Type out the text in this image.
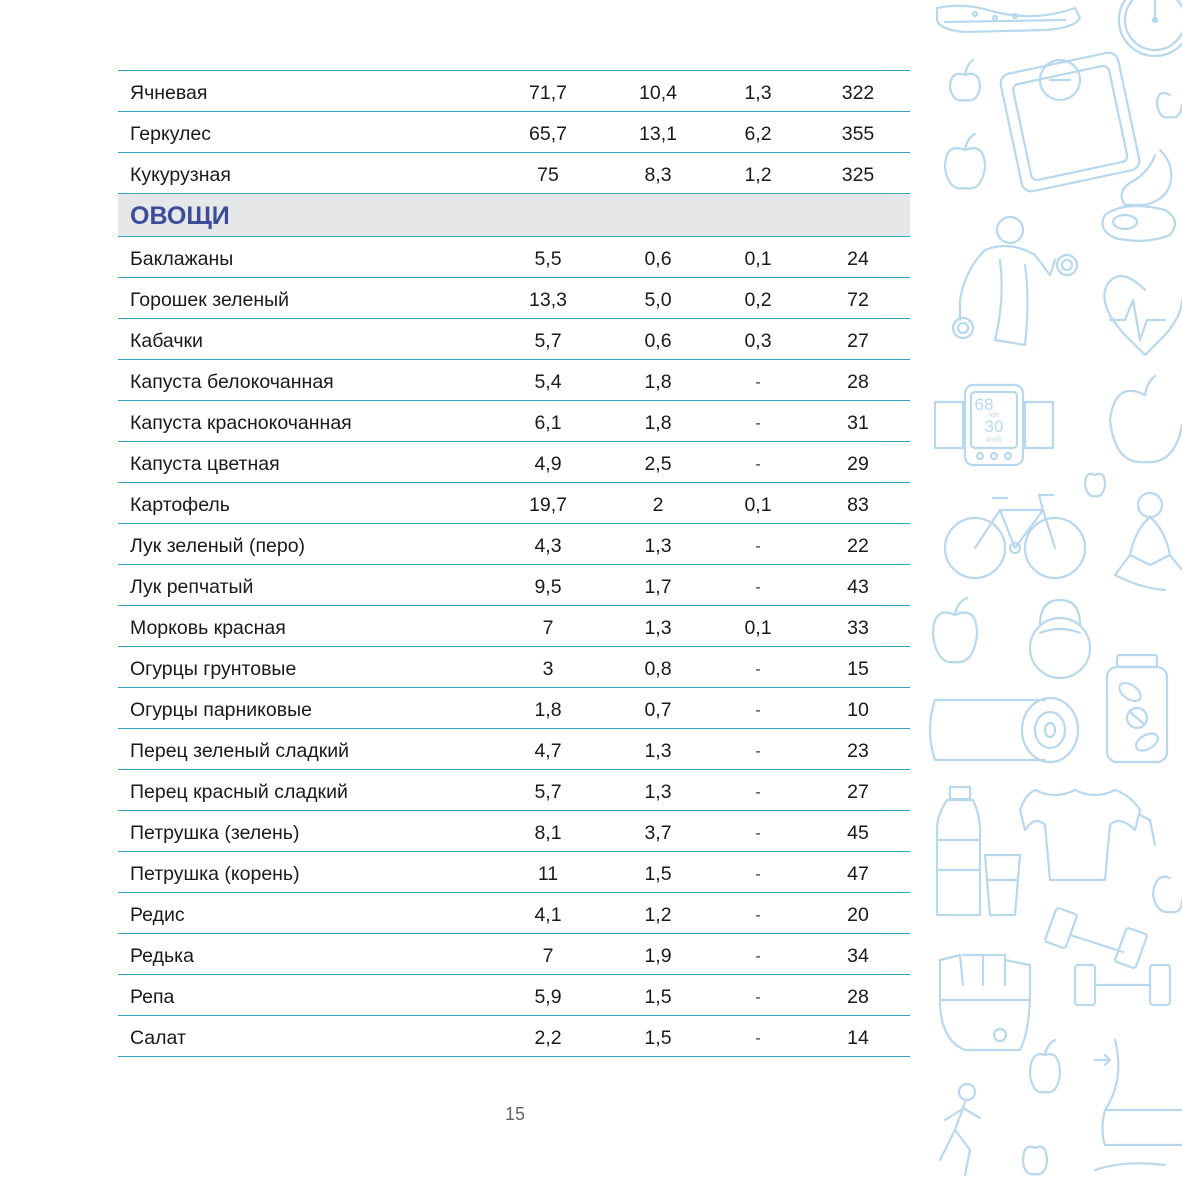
Ячневая	71,7	10,4	1,3	322
Геркулес	65,7	13,1	6,2	355
Кукурузная	75	8,3	1,2	325
ОВОЩИ
Баклажаны	5,5	0,6	0,1	24
Горошек зеленый	13,3	5,0	0,2	72
Кабачки	5,7	0,6	0,3	27
Капуста белокочанная	5,4	1,8	-	28
Капуста краснокочанная	6,1	1,8	-	31
Капуста цветная	4,9	2,5	-	29
Картофель	19,7	2	0,1	83
Лук зеленый (перо)	4,3	1,3	-	22
Лук репчатый	9,5	1,7	-	43
Морковь красная	7	1,3	0,1	33
Огурцы грунтовые	3	0,8	-	15
Огурцы парниковые	1,8	0,7	-	10
Перец зеленый сладкий	4,7	1,3	-	23
Перец красный сладкий	5,7	1,3	-	27
Петрушка (зелень)	8,1	3,7	-	45
Петрушка (корень)	11	1,5	-	47
Редис	4,1	1,2	-	20
Редька	7	1,9	-	34
Репа	5,9	1,5	-	28
Салат	2,2	1,5	-	14
15
68
km
30
km/h
